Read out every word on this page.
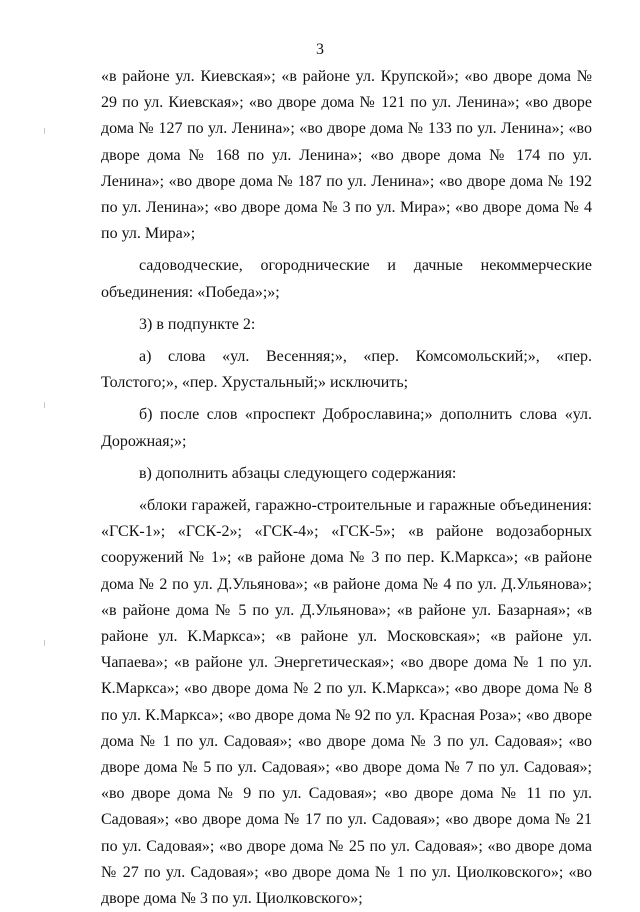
3

«в районе ул. Киевская»; «в районе ул. Крупской»; «во дворе дома № 29 по ул. Киевская»; «во дворе дома № 121 по ул. Ленина»; «во дворе дома № 127 по ул. Ленина»; «во дворе дома № 133 по ул. Ленина»; «во дворе дома № 168 по ул. Ленина»; «во дворе дома № 174 по ул. Ленина»; «во дворе дома № 187 по ул. Ленина»; «во дворе дома № 192 по ул. Ленина»; «во дворе дома № 3 по ул. Мира»; «во дворе дома № 4 по ул. Мира»;

садоводческие, огороднические и дачные некоммерческие объединения: «Победа»;»;

3) в подпункте 2:

а) слова «ул. Весенняя;», «пер. Комсомольский;», «пер. Толстого;», «пер. Хрустальный;» исключить;

б) после слов «проспект Доброславина;» дополнить слова «ул. Дорожная;»;

в) дополнить абзацы следующего содержания:

«блоки гаражей, гаражно-строительные и гаражные объединения: «ГСК-1»; «ГСК-2»; «ГСК-4»; «ГСК-5»; «в районе водозаборных сооружений № 1»; «в районе дома № 3 по пер. К.Маркса»; «в районе дома № 2 по ул. Д.Ульянова»; «в районе дома № 4 по ул. Д.Ульянова»; «в районе дома № 5 по ул. Д.Ульянова»; «в районе ул. Базарная»; «в районе ул. К.Маркса»; «в районе ул. Московская»; «в районе ул. Чапаева»; «в районе ул. Энергетическая»; «во дворе дома № 1 по ул. К.Маркса»; «во дворе дома № 2 по ул. К.Маркса»; «во дворе дома № 8 по ул. К.Маркса»; «во дворе дома № 92 по ул. Красная Роза»; «во дворе дома № 1 по ул. Садовая»; «во дворе дома № 3 по ул. Садовая»; «во дворе дома № 5 по ул. Садовая»; «во дворе дома № 7 по ул. Садовая»; «во дворе дома № 9 по ул. Садовая»; «во дворе дома № 11 по ул. Садовая»; «во дворе дома № 17 по ул. Садовая»; «во дворе дома № 21 по ул. Садовая»; «во дворе дома № 25 по ул. Садовая»; «во дворе дома № 27 по ул. Садовая»; «во дворе дома № 1 по ул. Циолковского»; «во дворе дома № 3 по ул. Циолковского»;
